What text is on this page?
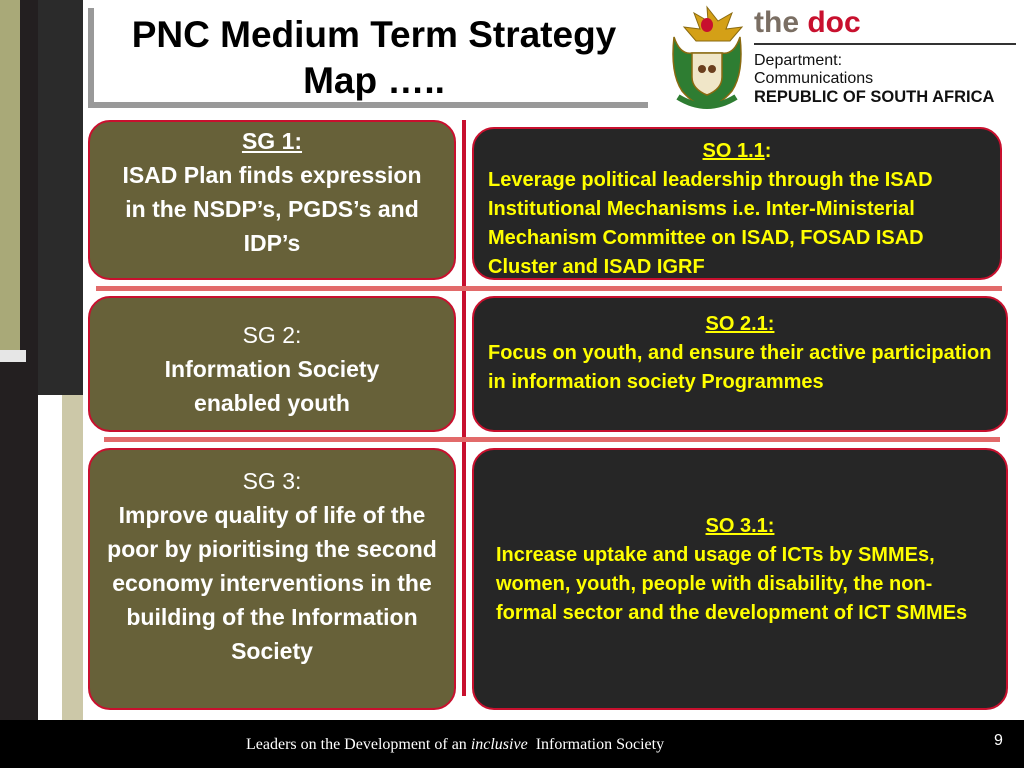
PNC Medium Term Strategy
Map …..
the doc
Department:
Communications
REPUBLIC OF SOUTH AFRICA
SG 1:
ISAD Plan finds expression in the NSDP’s, PGDS’s and IDP’s
SG 2:
Information Society enabled youth
SG 3:
Improve quality of life of the poor by pioritising the second economy interventions in the building of the Information Society
SO 1.1:
Leverage political leadership through the ISAD Institutional Mechanisms i.e. Inter-Ministerial Mechanism Committee on ISAD, FOSAD ISAD Cluster and ISAD IGRF
SO 2.1:
Focus on youth, and ensure their active participation in information society Programmes
SO 3.1:
Increase uptake and usage of ICTs by SMMEs, women, youth, people with disability, the non-formal sector and the development of ICT SMMEs
Leaders on the Development of an inclusive  Information Society	9
